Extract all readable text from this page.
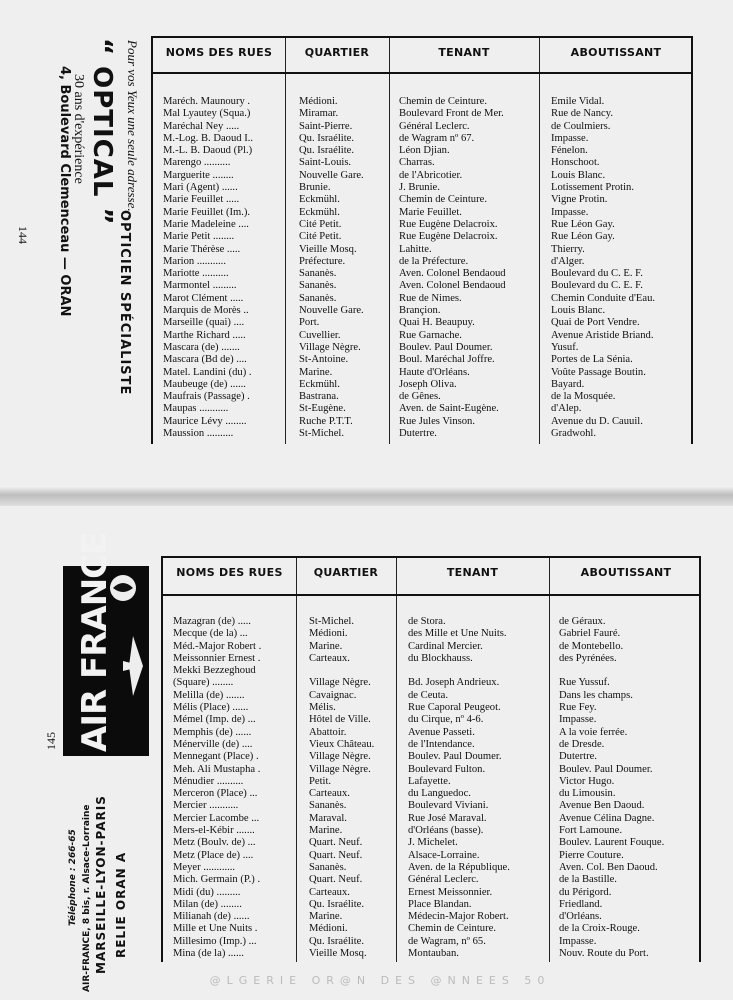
Pour vos Yeux une seule adresse...
“ OPTICAL ”
OPTICIEN SPÉCIALISTE
30 ans d'expérience
4, Boulevard Clemenceau — ORAN
144
NOMS DES RUES	QUARTIER	TENANT	ABOUTISSANT
Maréch. Maunoury .	Médioni.	Chemin de Ceinture.	Emile Vidal.
Mal Lyautey (Squa.)	Miramar.	Boulevard Front de Mer.	Rue de Nancy.
Maréchal Ney .....	Saint-Pierre.	Général Leclerc.	de Coulmiers.
M.-Log. B. Daoud I..	Qu. Israélite.	de Wagram nº 67.	Impasse.
M.-L. B. Daoud (Pl.)	Qu. Israélite.	Léon Djian.	Fénelon.
Marengo ..........	Saint-Louis.	Charras.	Honschoot.
Marguerite ........	Nouvelle Gare.	de l'Abricotier.	Louis Blanc.
Mari (Agent) ......	Brunie.	J. Brunie.	Lotissement Protin.
Marie Feuillet .....	Eckmühl.	Chemin de Ceinture.	Vigne Protin.
Marie Feuillet (Im.).	Eckmühl.	Marie Feuillet.	Impasse.
Marie Madeleine ....	Cité Petit.	Rue Eugène Delacroix.	Rue Léon Gay.
Marie Petit ........	Cité Petit.	Rue Eugène Delacroix.	Rue Léon Gay.
Marie Thérèse .....	Vieille Mosq.	Lahitte.	Thierry.
Marion ...........	Préfecture.	de la Préfecture.	d'Alger.
Mariotte ..........	Sananès.	Aven. Colonel Bendaoud	Boulevard du C. E. F.
Marmontel .........	Sananès.	Aven. Colonel Bendaoud	Boulevard du C. E. F.
Marot Clément .....	Sananès.	Rue de Nimes.	Chemin Conduite d'Eau.
Marquis de Morès ..	Nouvelle Gare.	Brançion.	Louis Blanc.
Marseille (quai) ....	Port.	Quai H. Beaupuy.	Quai de Port Vendre.
Marthe Richard .....	Cuvellier.	Rue Garnache.	Avenue Aristide Briand.
Mascara (de) .......	Village Nègre.	Boulev. Paul Doumer.	Yusuf.
Mascara (Bd de) ....	St-Antoine.	Boul. Maréchal Joffre.	Portes de La Sénia.
Matel. Landini (du) .	Marine.	Haute d'Orléans.	Voûte Passage Boutin.
Maubeuge (de) ......	Eckmühl.	Joseph Oliva.	Bayard.
Maufrais (Passage) .	Bastrana.	de Gênes.	de la Mosquée.
Maupas ...........	St-Eugène.	Aven. de Saint-Eugène.	d'Alep.
Maurice Lévy ........	Ruche P.T.T.	Rue Jules Vinson.	Avenue du D. Cauuil.
Maussion ..........	St-Michel.	Dutertre.	Gradwohl.
145 AIR FRANCE
RELIE ORAN A
MARSEILLE-LYON-PARIS
AIR-FRANCE, 8 bis, r. Alsace-Lorraine
Téléphone : 266-65
NOMS DES RUES	QUARTIER	TENANT	ABOUTISSANT
Mazagran (de) .....	St-Michel.	de Stora.	de Géraux.
Mecque (de la) ...	Médioni.	des Mille et Une Nuits.	Gabriel Fauré.
Méd.-Major Robert .	Marine.	Cardinal Mercier.	de Montebello.
Meissonnier Ernest .	Carteaux.	du Blockhauss.	des Pyrénées.
Mekki Bezzeghoud
(Square) ........	Village Nègre.	Bd. Joseph Andrieux.	Rue Yussuf.
Melilla (de) .......	Cavaignac.	de Ceuta.	Dans les champs.
Mélis (Place) ......	Mélis.	Rue Caporal Peugeot.	Rue Fey.
Mémel (Imp. de) ...	Hôtel de Ville.	du Cirque, nº 4-6.	Impasse.
Memphis (de) ......	Abattoir.	Avenue Passeti.	A la voie ferrée.
Ménerville (de) ....	Vieux Château.	de l'Intendance.	de Dresde.
Mennegant (Place) .	Village Nègre.	Boulev. Paul Doumer.	Dutertre.
Meh. Ali Mustapha .	Village Nègre.	Boulevard Fulton.	Boulev. Paul Doumer.
Ménudier ..........	Petit.	Lafayette.	Victor Hugo.
Merceron (Place) ...	Carteaux.	du Languedoc.	du Limousin.
Mercier ...........	Sananès.	Boulevard Viviani.	Avenue Ben Daoud.
Mercier Lacombe ...	Maraval.	Rue José Maraval.	Avenue Célina Dagne.
Mers-el-Kébir .......	Marine.	d'Orléans (basse).	Fort Lamoune.
Metz (Boulv. de) ...	Quart. Neuf.	J. Michelet.	Boulev. Laurent Fouque.
Metz (Place de) ....	Quart. Neuf.	Alsace-Lorraine.	Pierre Couture.
Meyer ............	Sananès.	Aven. de la République.	Aven. Col. Ben Daoud.
Mich. Germain (P.) .	Quart. Neuf.	Général Leclerc.	de la Bastille.
Midi (du) .........	Carteaux.	Ernest Meissonnier.	du Périgord.
Milan (de) ........	Qu. Israélite.	Place Blandan.	Friedland.
Milianah (de) ......	Marine.	Médecin-Major Robert.	d'Orléans.
Mille et Une Nuits .	Médioni.	Chemin de Ceinture.	de la Croix-Rouge.
Millesimo (Imp.) ...	Qu. Israélite.	de Wagram, nº 65.	Impasse.
Mina (de la) ......	Vieille Mosq.	Montauban.	Nouv. Route du Port.
@LGERIE OR@N DES @NNEES 50
